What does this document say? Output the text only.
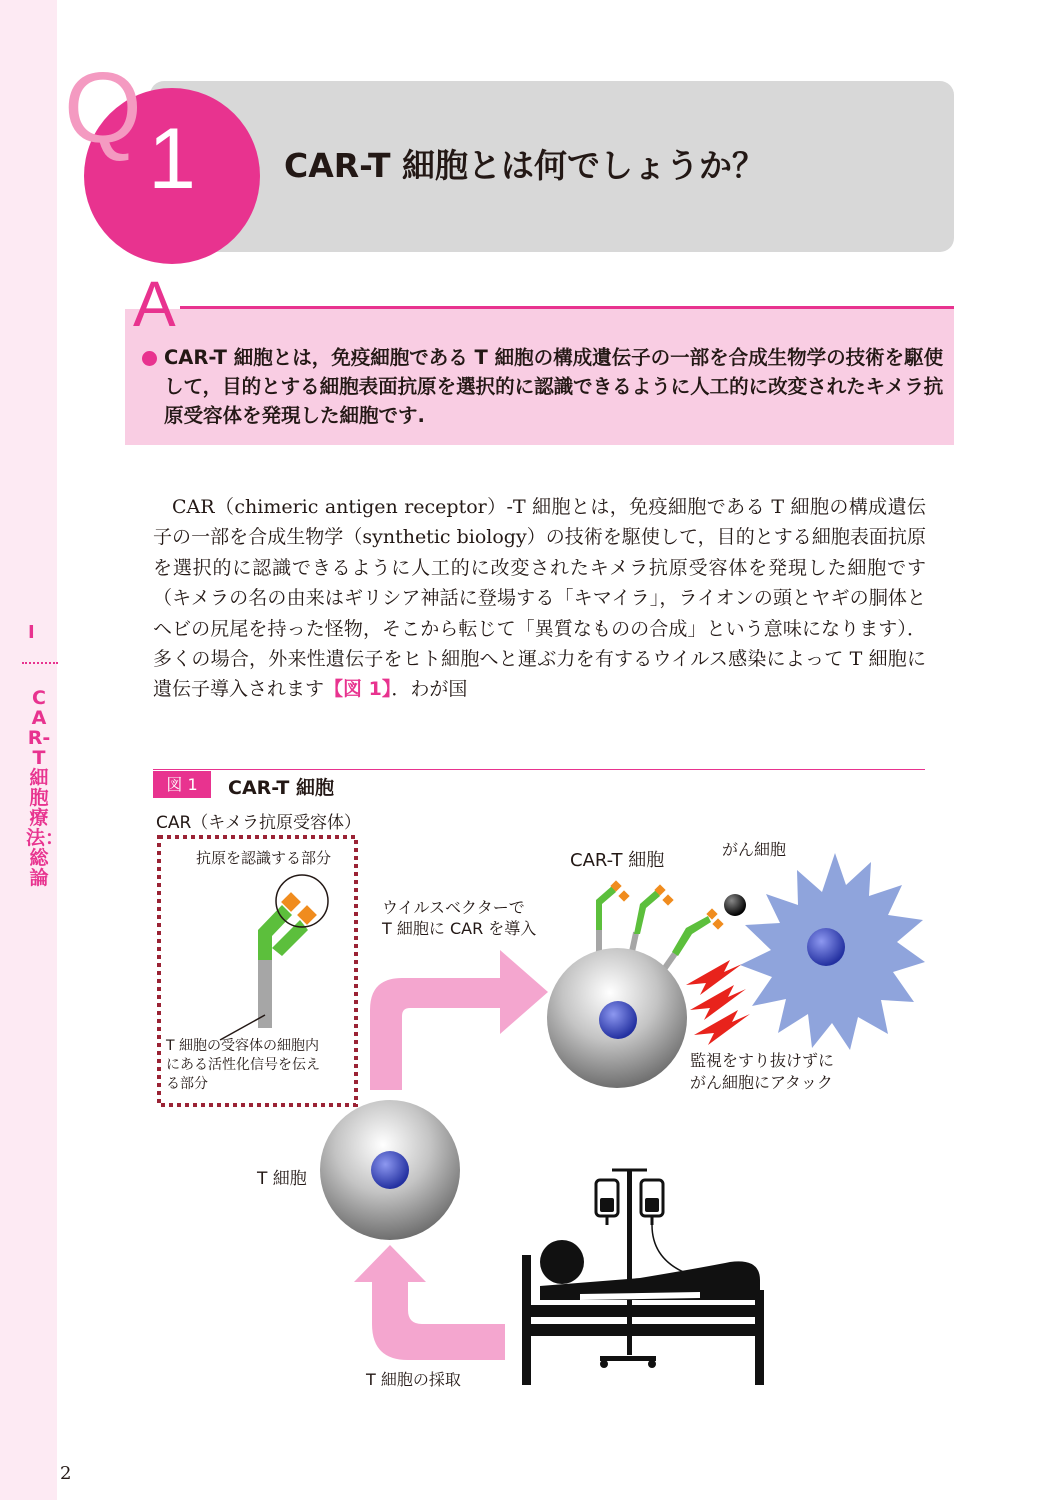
I
CAR-T細胞療法：総論
Q 1	CAR-T 細胞とは何でしょうか？
A
CAR-T 細胞とは，免疫細胞である T 細胞の構成遺伝子の一部を合成生物学の技術を駆使して，目的とする細胞表面抗原を選択的に認識できるように人工的に改変されたキメラ抗原受容体を発現した細胞です.
CAR（chimeric antigen receptor）-T 細胞とは，免疫細胞である T 細胞の構成遺伝子の一部を合成生物学（synthetic biology）の技術を駆使して，目的とする細胞表面抗原を選択的に認識できるように人工的に改変されたキメラ抗原受容体を発現した細胞です（キメラの名の由来はギリシア神話に登場する「キマイラ」，ライオンの頭とヤギの胴体とヘビの尻尾を持った怪物，そこから転じて「異質なものの合成」という意味になります）．多くの場合，外来性遺伝子をヒト細胞へと運ぶ力を有するウイルス感染によって T 細胞に遺伝子導入されます【図 1】．わが国
図 1	CAR-T 細胞
CAR（キメラ抗原受容体）
抗原を認識する部分
T 細胞の受容体の細胞内
にある活性化信号を伝え
る部分
ウイルスベクターで
T 細胞に CAR を導入
CAR-T 細胞
監視をすり抜けずに
がん細胞にアタック
がん細胞
T 細胞
T 細胞の採取
2
